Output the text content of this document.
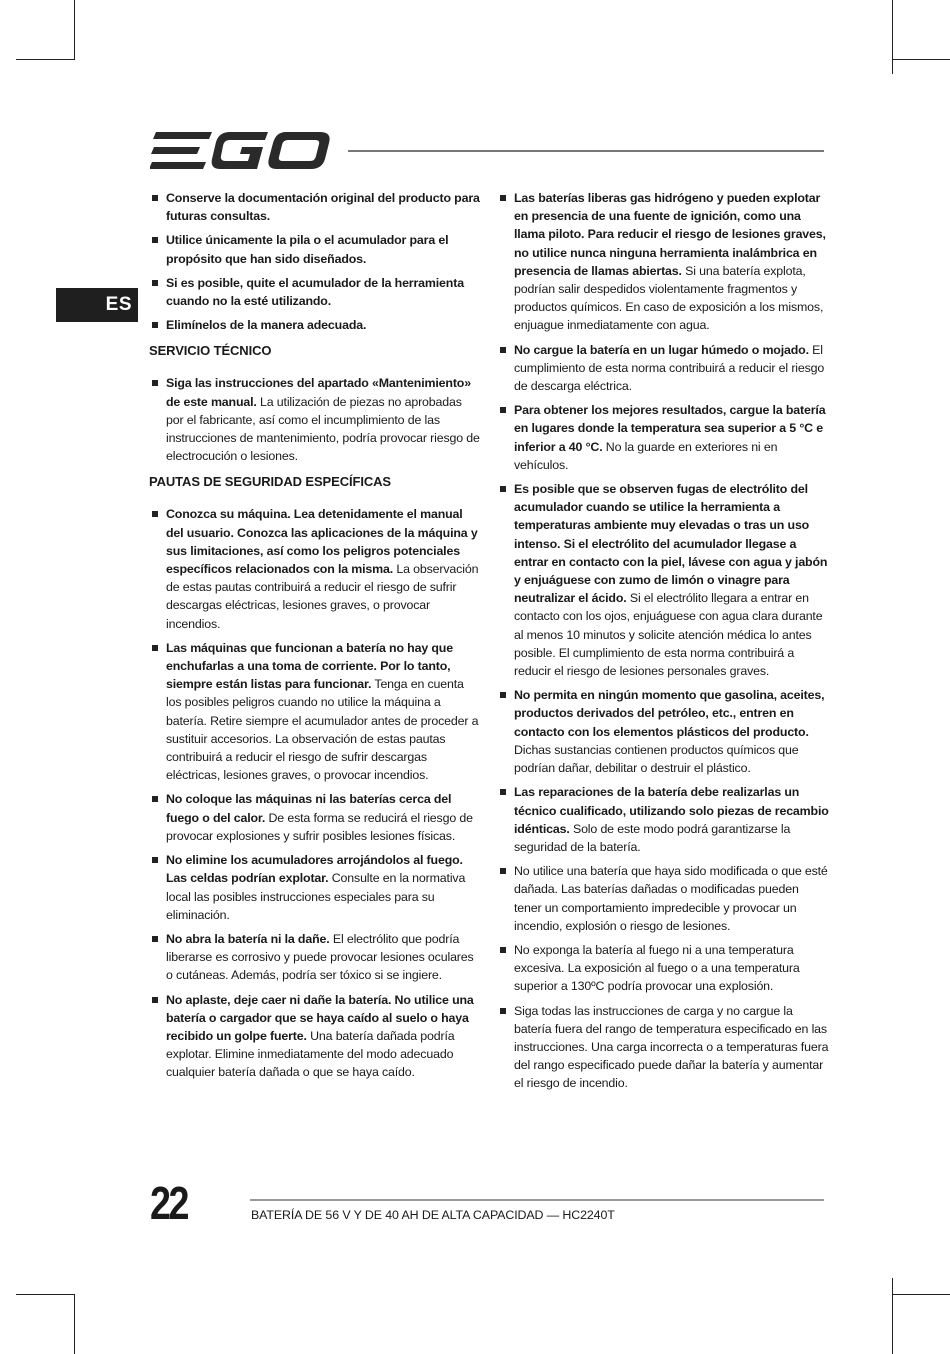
ES
Conserve la documentación original del producto para futuras consultas.
Utilice únicamente la pila o el acumulador para el propósito que han sido diseñados.
Si es posible, quite el acumulador de la herramienta cuando no la esté utilizando.
Elimínelos de la manera adecuada.
SERVICIO TÉCNICO
Siga las instrucciones del apartado «Mantenimiento» de este manual. La utilización de piezas no aprobadas por el fabricante, así como el incumplimiento de las instrucciones de mantenimiento, podría provocar riesgo de electrocución o lesiones.
PAUTAS DE SEGURIDAD ESPECÍFICAS
Conozca su máquina. Lea detenidamente el manual del usuario. Conozca las aplicaciones de la máquina y sus limitaciones, así como los peligros potenciales específicos relacionados con la misma. La observación de estas pautas contribuirá a reducir el riesgo de sufrir descargas eléctricas, lesiones graves, o provocar incendios.
Las máquinas que funcionan a batería no hay que enchufarlas a una toma de corriente. Por lo tanto, siempre están listas para funcionar. Tenga en cuenta los posibles peligros cuando no utilice la máquina a batería. Retire siempre el acumulador antes de proceder a sustituir accesorios. La observación de estas pautas contribuirá a reducir el riesgo de sufrir descargas eléctricas, lesiones graves, o provocar incendios.
No coloque las máquinas ni las baterías cerca del fuego o del calor. De esta forma se reducirá el riesgo de provocar explosiones y sufrir posibles lesiones físicas.
No elimine los acumuladores arrojándolos al fuego. Las celdas podrían explotar. Consulte en la normativa local las posibles instrucciones especiales para su eliminación.
No abra la batería ni la dañe. El electrólito que podría liberarse es corrosivo y puede provocar lesiones oculares o cutáneas. Además, podría ser tóxico si se ingiere.
No aplaste, deje caer ni dañe la batería. No utilice una batería o cargador que se haya caído al suelo o haya recibido un golpe fuerte. Una batería dañada podría explotar. Elimine inmediatamente del modo adecuado cualquier batería dañada o que se haya caído.
Las baterías liberas gas hidrógeno y pueden explotar en presencia de una fuente de ignición, como una llama piloto. Para reducir el riesgo de lesiones graves, no utilice nunca ninguna herramienta inalámbrica en presencia de llamas abiertas. Si una batería explota, podrían salir despedidos violentamente fragmentos y productos químicos. En caso de exposición a los mismos, enjuague inmediatamente con agua.
No cargue la batería en un lugar húmedo o mojado. El cumplimiento de esta norma contribuirá a reducir el riesgo de descarga eléctrica.
Para obtener los mejores resultados, cargue la batería en lugares donde la temperatura sea superior a 5 °C e inferior a 40 °C. No la guarde en exteriores ni en vehículos.
Es posible que se observen fugas de electrólito del acumulador cuando se utilice la herramienta a temperaturas ambiente muy elevadas o tras un uso intenso. Si el electrólito del acumulador llegase a entrar en contacto con la piel, lávese con agua y jabón y enjuáguese con zumo de limón o vinagre para neutralizar el ácido. Si el electrólito llegara a entrar en contacto con los ojos, enjuáguese con agua clara durante al menos 10 minutos y solicite atención médica lo antes posible. El cumplimiento de esta norma contribuirá a reducir el riesgo de lesiones personales graves.
No permita en ningún momento que gasolina, aceites, productos derivados del petróleo, etc., entren en contacto con los elementos plásticos del producto. Dichas sustancias contienen productos químicos que podrían dañar, debilitar o destruir el plástico.
Las reparaciones de la batería debe realizarlas un técnico cualificado, utilizando solo piezas de recambio idénticas. Solo de este modo podrá garantizarse la seguridad de la batería.
No utilice una batería que haya sido modificada o que esté dañada. Las baterías dañadas o modificadas pueden tener un comportamiento impredecible y provocar un incendio, explosión o riesgo de lesiones.
No exponga la batería al fuego ni a una temperatura excesiva. La exposición al fuego o a una temperatura superior a 130ºC podría provocar una explosión.
Siga todas las instrucciones de carga y no cargue la batería fuera del rango de temperatura especificado en las instrucciones. Una carga incorrecta o a temperaturas fuera del rango especificado puede dañar la batería y aumentar el riesgo de incendio.
22	BATERÍA DE 56 V Y DE 40 AH DE ALTA CAPACIDAD — HC2240T
